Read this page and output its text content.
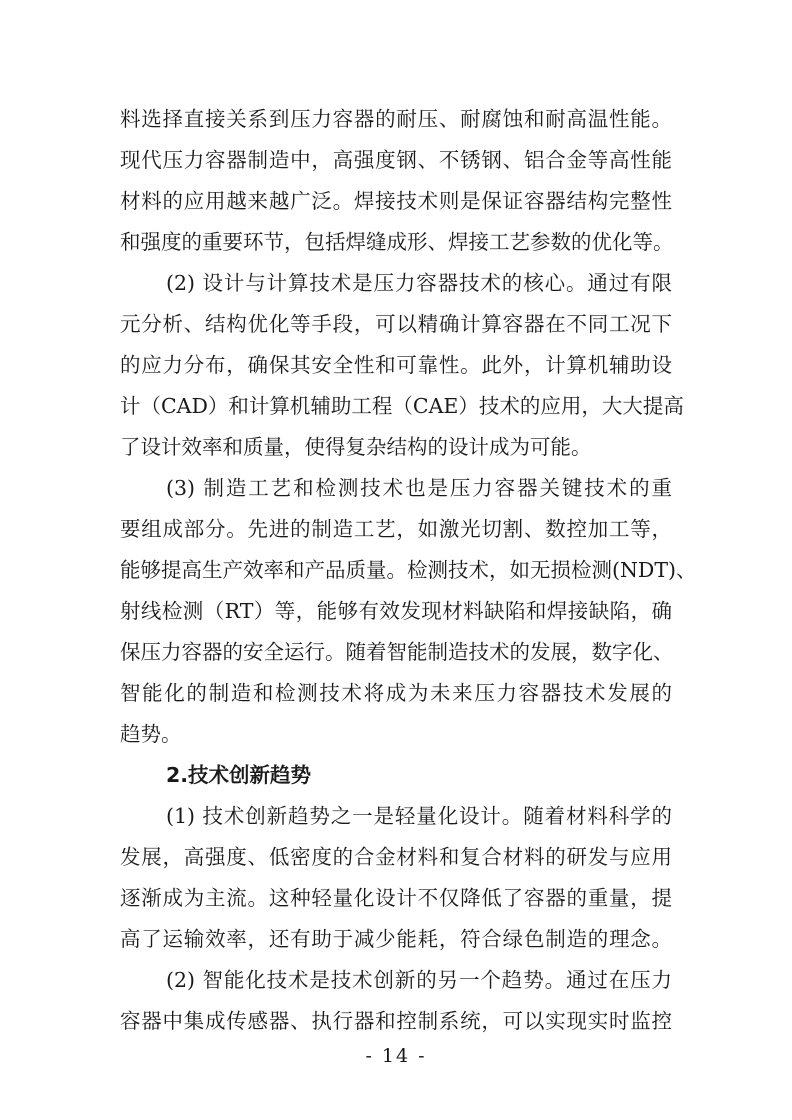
料选择直接关系到压力容器的耐压、耐腐蚀和耐高温性能。
现代压力容器制造中，高强度钢、不锈钢、铝合金等高性能
材料的应用越来越广泛。焊接技术则是保证容器结构完整性
和强度的重要环节，包括焊缝成形、焊接工艺参数的优化等。
(2) 设计与计算技术是压力容器技术的核心。通过有限
元分析、结构优化等手段，可以精确计算容器在不同工况下
的应力分布，确保其安全性和可靠性。此外，计算机辅助设
计（CAD）和计算机辅助工程（CAE）技术的应用，大大提高
了设计效率和质量，使得复杂结构的设计成为可能。
(3) 制造工艺和检测技术也是压力容器关键技术的重
要组成部分。先进的制造工艺，如激光切割、数控加工等，
能够提高生产效率和产品质量。检测技术，如无损检测(NDT)、
射线检测（RT）等，能够有效发现材料缺陷和焊接缺陷，确
保压力容器的安全运行。随着智能制造技术的发展，数字化、
智能化的制造和检测技术将成为未来压力容器技术发展的
趋势。
2.技术创新趋势
(1) 技术创新趋势之一是轻量化设计。随着材料科学的
发展，高强度、低密度的合金材料和复合材料的研发与应用
逐渐成为主流。这种轻量化设计不仅降低了容器的重量，提
高了运输效率，还有助于减少能耗，符合绿色制造的理念。
(2) 智能化技术是技术创新的另一个趋势。通过在压力
容器中集成传感器、执行器和控制系统，可以实现实时监控
- 14 -
